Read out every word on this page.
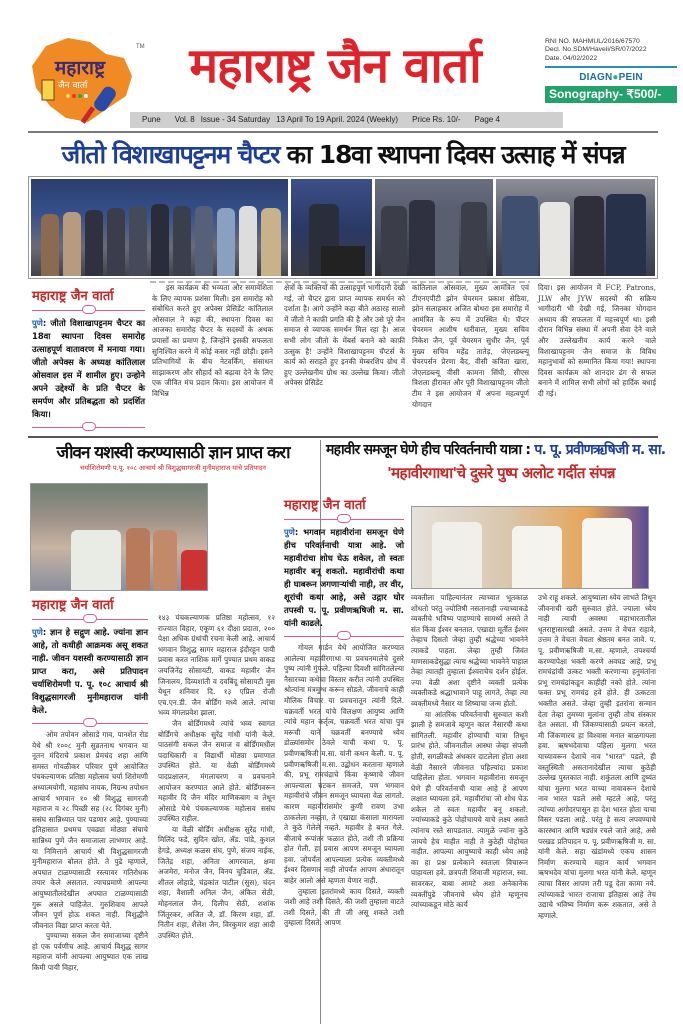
महाराष्ट्र
जैन वार्ता
TM महाराष्ट्र जैन वार्ता	RNI NO. MAHMUL/2016/67570
Decl. No.SDM/Haveli/SR/07/2022
Date. 04/02/2022
DIAGN●PEIN
Sonography- ₹500/-
Pune Vol. 8 Issue - 34 Saturday 13 April To 19 April. 2024 (Weekly) Price Rs. 10/- Page 4
जीतो विशाखापट्टनम चैप्टर का 18वा स्थापना दिवस उत्साह में संपन्न
महाराष्ट्र जैन वार्ता
पुणे: जीतो विशाखापट्टनम चैप्टर का 18वा स्थापना दिवस समारोह उत्साहपूर्ण वातावरण में मनाया गया। जीतो अपेक्स के अध्यक्ष कांतिलाल ओसवाल इस में शामील हुए। उन्होने अपने उद्देश्यों के प्रति चैप्टर के समर्पण और प्रतिबद्धता को प्रदर्शित किया।

इस कार्यक्रम की भव्यता और समावेशिता के लिए व्यापक प्रशंसा मिली। इस समारोह को संबोधित करते हुए अपेक्स प्रेसिडेंट कांतिलाल ओसवाल ने कहा की, स्थापना दिवस का आजका समारोह चैप्टर के सदस्यों के अथक प्रयासों का प्रमाण है, जिन्होंने इसकी सफलता सुनिश्चित करने में कोई कसर नहीं छोड़ी। इसने प्रतिभागियों के बीच नेटवर्किंग, संसाधन साझाकरण और सौहार्द को बढ़ावा देने के लिए एक जीवित मंच प्रदान किया। इस आयोजन में विभिन्न

क्षेत्रों के व्यक्तियों की उत्साहपूर्ण भागीदारी देखी गई, जो चैप्टर द्वारा प्राप्त व्यापक समर्थन को दर्शाता है। आगे उन्होंने कहा बीते अठारह सालो में जीतो ने काफ़ी प्रगति की है और उसे पूरे जैन समाज से व्यापक समर्थन मिल रहा है। आज सभी लोग जीतो के मेंबर्स बनाने को काफ़ी उत्सुक है! उन्होंने विशाखापट्टनम चॅप्टर्स के कार्य को सराहते हुए इनकी मेम्बरशिप ग्रोथ में हुए उल्लेखनीय ग्रोथ का उल्लेख किया। जीतो अपेक्स प्रेसिडेंट

कांतिलाल ओसवाल, मुख्य आमंत्रित एवं टीएनएपीटी झोन चेयरमन प्रकाश सेठिया, झोन सलाहकार अजित बोथरा इस समारोह में आमंत्रित के रूप में उपस्थित थे। चॅप्टर चेयरमन आशीष धारीवाल, मुख्य सचिव निकेश जैन, पूर्व चेयरमन सुधीर जैन, पूर्व मुख्य सचिव महेंद्र तातेड़, जेएलडब्ल्यू चेयरपर्सन प्रेरणा बैद, वीसी कविता खारा, जेएलडब्ल्यू वीसी कामना सिंघी, सीएस त्रिशला हीरावत और पूरी विशाखापट्टनम जीतो टीम ने इस आयोजन में अपना महत्वपूर्ण योगदान

दिया। इस आयोजन में FCP, Patrons, JLW और JYW सदस्यों की सक्रिय भागीदारी भी देखी गई, जिनका योगदान अध्याय की सफलता में महत्त्वपूर्ण था। इसी दौरान विभिन्न संस्था में अपनी सेवा देने वाले और उल्लेखनीय कार्य करने वाले विशाखापट्टनम जैन समाज के विविध महानुभावों को सम्मानित किया गया! स्थापना दिवस कार्यक्रम को शानदार ढंग से सफल बनाने में शामिल सभी लोगों को हार्दिक बधाई दी गई।

जीवन यशस्वी करण्यासाठी ज्ञान प्राप्त करा
चर्याशिरोमणी प.पू. १०८ आचार्य श्री विशुद्धसागरजी मुनीमहाराज यांचे प्रतिपादन
महाराष्ट्र जैन वार्ता
पुणे: ज्ञान हे सद्गुण आहे. ज्यांना ज्ञान आहे, तो कधीही आक्रमक असू शकत नाही. जीवन यशस्वी करण्यासाठी ज्ञान प्राप्त करा, असे प्रतिपादन चर्याशिरोमणी प. पू. १०८ आचार्य श्री विशुद्धसागरजी मुनीमहाराज यांनी केले.

ओम तपोवन ओसाडे गाव, पानशेत रोड येथे श्री १००८ मुनी सुव्रतनाथ भगवान या नूतन मंदिराचे प्रकाश प्रेमचंद शहा आणि समस्त गोयळीकर परिवार पुणे आयोजित पंचकल्याणक प्रतिष्ठा महोत्सव चर्या शिरोमणी अध्यात्मयोगी, महासंघ नायक, निग्रन्थ तपोधन आचार्य भगवान १० श्री विशुद्ध सागरजी महाराज व २८ पिच्छी सह (२८ दिगंबर मुनी) ससंघ सान्निध्यात पार पडणार आहे. पुण्याच्या इतिहासात प्रथमच एवढ्या मोठ्या संघाचे सान्निध्य पुणे जैन समाजाला लाभणार आहे. या निमित्ताने आचार्य श्री विशुद्धसागरजी मुनीमहाराज बोलत होते. ते पुढे म्हणाले, अपघात टाळण्यासाठी रस्त्यावर गतिरोधक तयार केले असतात. त्याचप्रमाणे आपल्या आयुष्यातीलदेखील अपघात टाळण्यासाठी गुरू असले पाहिजेत. गुरुशिवाय आपले जीवन पूर्ण होऊ शकत नाही. विशुद्धीने जीवनात विद्या प्राप्त करता येते.

पुण्याच्या सकल जैन समाजाच्या दृष्टीने हो एक पर्वणीच आहे. आचार्य विशुद्ध सागर महाराज यांनी आपल्या आयुष्यात एक लाख किमी पायी विहार,

१४३ पंचकल्याणक प्रतिष्ठा महोत्सव, १२ राज्यात विहार, एकूण ६१ दीक्षा प्रदाता, २०० पेक्षा अधिक ग्रंथांची रचना केली आहे. आचार्य भगवान विशुद्ध सागर महाराज इंदौरहून पायी प्रवास करत नाशिक मार्गे पुण्यात प्रथम वाकड जयजिनेंद्र सोसायटी, वाकड महावीर जैन जिनालय, दिव्यशांती व दवबिंदू सोसायटी मुस येथून शनिवार दि. १३ एप्रिल रोजी एच.एन.डी. जैन बोर्डिंग मध्ये आले. त्यांचा भव्य मंगलप्रवेश झाला.

जैन बोर्डिंगमध्ये त्यांचे भव्य स्वागत बोर्डिंगचे अधीक्षक सुरेंद्र गांधी यांनी केले. पाठसंगी सकल जैन समाज व बोर्डिंगमधील पदाधिकारी व विद्यार्थी मोठ्या प्रमाणात उपस्थित होते. या वेळी बोर्डिंगमध्ये पादप्रक्षालन, मंगलाचरण व प्रवचनाने आयोजन करण्यात आले होते. बोर्डिंगवरून महावीर दि जैन मंदिर माणिकबाग व तेथून ओसाडे येथे पंचकल्याणक महोत्सव ससंघ उपस्थित राहील.

या वेळी बोर्डिंग अधीक्षक सुरेंद्र गांधी, मिलिंद फडे, सुदिन खोत, ॲड. पांडे, कुशल हेगडे, अध्यक्ष कळस संघ, पुणे, संजय नाईक, जितेंद्र शहा, अनिता आगरवाल, क्षमा अजमेरा, मनोज जैन, विनय चुडिवाल, ॲड. शीतल लोहाडे, चंद्रकांत पाटील (सुस), चंदन शहा, वैशाली अनिल जैन, अंकित सेठी, मोहनलाल जैन, दिलीप सेठी, शशांक जिंतूरकर, अजित जै, डॉ. किरण शहा, डॉ. नितीन शहा, शैलेश जैन, विरकुमार शहा आदी उपस्थित होते.

महावीर समजून घेणे हीच परिवर्तनाची यात्रा : प. पू. प्रवीणऋषिजी म. सा.
'महावीरगाथा'चे दुसरे पुष्प अलोट गर्दीत संपन्न
महाराष्ट्र जैन वार्ता
पुणे: भगवान महावीरांना समजून घेणे हीच परिवर्तनाची यात्रा आहे. जो महावीरांचा शोध घेऊ शकेल, तो स्वतः महावीर बनू शकतो. महावीरांची कथा ही घाबरून जगणाऱ्यांची नाही, तर वीर, शूरांची कथा आहे, असे उद्गार घोर तपस्वी प. पू. प्रवीणऋषिजी म. सा. यांनी काढले.

गोयल गार्डन येथे आयोजित करण्यात आलेल्या महावीरगाथा या प्रवचनमालेचे दुसरे पुष्प त्यांनी गुंफले. पहिल्या दिवशी सांगितलेल्या नैसारच्या कथेचा विस्तार करीत त्यांनी उपस्थित श्रोत्यांना मंत्रमुग्ध करून सोडले. जीवनाचे काही मौलिक विचार या प्रवचनातून त्यांनी दिले. चक्रवर्ती भरत यांचे विलक्षण आयुष्य आणि त्यांचे महान कर्तृत्व, चक्रवर्ती भरत यांचा पुत्र मरूची याने चक्रवर्ती बनण्याचे ध्येय डोळ्यांसमोर ठेवले याची कथा प. पू. प्रवीणऋषिजी म.सा. यांनी कथन केली. प. पू. प्रवीणऋषिजी म.सा. उद्बोधन करताना म्हणाले की, प्रभू रामचंद्राचे किंवा कृष्णाचे जीवन आपल्याला चटकन समजते, पण भगवान महावीरांचे जीवन समजून घ्यायला वेळ लागतो. कारण महावीरांसमोर कुणी रावण उभा ठाकलेला नव्हता, ते एखाद्या कंसाला मारायला ते कुठे गेलेले नव्हते. महावीर हे बनत गेले. बीजाचे रूपांतर फळात होते, तशी ती प्रक्रिया होत गेली. हा प्रवास आपण समजून घ्यायला हवा. जोपर्यंत आपल्याला प्रत्येक व्यक्तीमध्ये ईश्वर दिसणार नाही तोपर्यंत आपण अंधारातून बाहेर आलो असे म्हणता येणार नाही.

तुम्हाला इतरांमध्ये काय दिसते, व्यक्ती जशी आहे तशी दिसते, की जशी तुम्हाला वाटते तशी दिसते, की ती जी असू शकते तशी तुम्हाला दिसते. आपण

व्यक्तीला पाहिल्यानंतर त्याच्यात भूतकाळ शोधतो परंतु ज्योतिषी नसतानाही ज्याच्याकडे व्यक्तीचे भविष्य पाहण्याचे सामर्थ्य असते ते संत किंवा ईश्वर बनतात. एखाद्या मूर्तीत ईश्वर तेव्हाच दिसतो जेव्हा तुम्ही श्रद्धेच्या भावनेने त्याकडे पाहता. जेव्हा तुम्ही जिवंत माणसाकडेसुद्धा त्याच श्रद्धेच्या भावनेने पाहाल तेव्हा त्यातही तुम्हाला ईश्वराचेच दर्शन होईल. ज्या वेळी अशा दृष्टीने व्यक्ती प्रत्येक व्यक्तीकडे श्रद्धाभावाने पाहू लागते, तेव्हा त्या व्यक्तीमध्ये नैसार या शिष्याचा जन्म होतो.

या आंतरिक परिवर्तनाची सुरुवात कशी झाली हे समजावे म्हणून काल नैसारची कथा सांगितली. महावीर होण्याची यात्रा तिथून प्रारंभ होते. जीवनातील आस्था जेव्हा संपली होती, सगळीकडे अंधकार दाटलेला होता अशा वेळी नैसारने जीवनात पहिल्यांदा प्रकाश पाहिलेला होता. भगवान महावीरांना समजून घेणे ही परिवर्तनाची यात्रा आहे हे आपण लक्षात घ्यायला हवे. महावीरांचा जो शोध घेऊ शकेल तो स्वतः महावीर बनू शकतो. ज्यांच्याकडे कुठे पोहोचायचे याचे लक्ष्य असते त्यांनाच रस्ते सापडतात. त्यामुळे ज्यांना कुठे जायचे हेच माहीत नाही ते कुठेही पोहोचत नाहीत. आपल्या आयुष्याचे काही ध्येय आहे का हा प्रश्न प्रत्येकाने स्वतःला विचारून पाहायला हवे. छत्रपती शिवाजी महाराज, स्वा. सावरकर, बाबा आमटे अशा अनेकानेक व्यक्तींपुढे जीवनाचे ध्येय होते म्हणूनच त्यांच्याकडून मोठे कार्य

उभे राहू शकले. आयुष्याला ध्येय लाभते तिथून जीवनाची खरी सुरुवात होते. ज्याला ध्येय नाही त्याची अवस्था महाभारतातील धृतराष्ट्रासारखी असते. उत्तम ते वेचत राहावे, उत्तम ते वेचता वेचता श्रेष्ठतम बनत जावे. प. पू. प्रवीणऋषिजी म.सा. म्हणाले, तपश्चर्या करण्यापेक्षा भक्ती करणे अवघड आहे, प्रभू रामचंद्रांची उत्कट भक्ती करणाऱ्या हनुमंतांना प्रभू रामचंद्रांकडून काहीही नको होते. त्यांना फक्त प्रभू रामचंद्र हवे होते. ही उत्कटता भक्तीत असते. जेव्हा तुम्ही इतरांना सन्मान देता तेव्हा तुमच्या मुलांना तुम्ही तोच संस्कार देत असता. मी जिंकण्यासाठी प्रयत्न करतो, मी जिंकणारच हा विश्वास मनात बाळगायला हवा. ऋषभदेवाचा पहिला मुलगा भरत याच्यावरून देशाचे नाव "भारत" पडले, ही वस्तुस्थिती असतानादेखील त्याचा कुठेही उल्लेख पुस्तकात नाही. शकुंतला आणि दुष्यंत यांचा मुलगा भरत याच्या नावावरून देशाचे नाव भारत पडले असे म्हटले आहे, परंतु त्यांच्या अगोदरपासून हा देश भारत होता याचा विसर पडला आहे. परंतु हे सत्य लपवण्याचे कारस्थान आणि षड्यंत्र रचले जाते आहे, असे परखड प्रतिपादन प. पू. प्रवीणऋषिजी म. सा. यांनी केले. सहा खंडांमध्ये एकच शासन निर्माण करण्याचे महान कार्य भगवान ऋषभदेव यांचा मुलगा भरत यांनी केले. म्हणून त्याचा विसर आपण तरी पडू देता कामा नये. त्यांच्याकडे भारत राजाचा इतिहास आहे तेच उद्याचे भविष्य निर्माण करू शकतात, असे ते म्हणाले.
